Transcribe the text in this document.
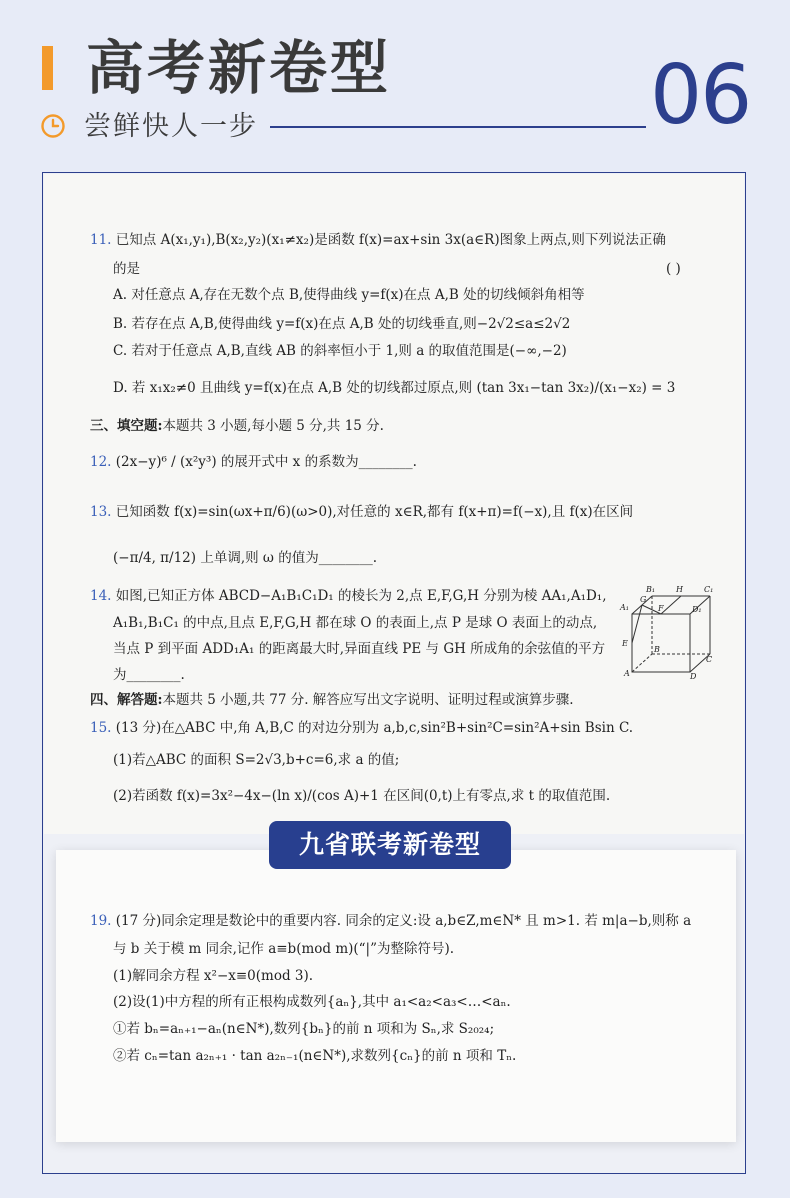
高考新卷型
尝鲜快人一步	06
11. 已知点 A(x₁,y₁),B(x₂,y₂)(x₁≠x₂)是函数 f(x)=ax+sin 3x(a∈R)图象上两点,则下列说法正确
的是	( )
A. 对任意点 A,存在无数个点 B,使得曲线 y=f(x)在点 A,B 处的切线倾斜角相等
B. 若存在点 A,B,使得曲线 y=f(x)在点 A,B 处的切线垂直,则−2√2≤a≤2√2
C. 若对于任意点 A,B,直线 AB 的斜率恒小于 1,则 a 的取值范围是(−∞,−2)
D. 若 x₁x₂≠0 且曲线 y=f(x)在点 A,B 处的切线都过原点,则 (tan 3x₁−tan 3x₂)/(x₁−x₂) = 3
三、填空题:本题共 3 小题,每小题 5 分,共 15 分.
12. (2x−y)⁶ / (x²y³) 的展开式中 x 的系数为________.
13. 已知函数 f(x)=sin(ωx+π/6)(ω>0),对任意的 x∈R,都有 f(x+π)=f(−x),且 f(x)在区间
(−π/4, π/12) 上单调,则 ω 的值为________.
14. 如图,已知正方体 ABCD−A₁B₁C₁D₁ 的棱长为 2,点 E,F,G,H 分别为棱 AA₁,A₁D₁,
A₁B₁,B₁C₁ 的中点,且点 E,F,G,H 都在球 O 的表面上,点 P 是球 O 表面上的动点,
当点 P 到平面 ADD₁A₁ 的距离最大时,异面直线 PE 与 GH 所成角的余弦值的平方
为________.
B₁	H	C₁
A₁
G
F	D₁
E
B
C
A	D
四、解答题:本题共 5 小题,共 77 分. 解答应写出文字说明、证明过程或演算步骤.
15. (13 分)在△ABC 中,角 A,B,C 的对边分别为 a,b,c,sin²B+sin²C=sin²A+sin Bsin C.
(1)若△ABC 的面积 S=2√3,b+c=6,求 a 的值;
(2)若函数 f(x)=3x²−4x−(ln x)/(cos A)+1 在区间(0,t)上有零点,求 t 的取值范围.
九省联考新卷型
19. (17 分)同余定理是数论中的重要内容. 同余的定义:设 a,b∈Z,m∈N* 且 m>1. 若 m|a−b,则称 a
与 b 关于模 m 同余,记作 a≡b(mod m)(“|”为整除符号).
(1)解同余方程 x²−x≡0(mod 3).
(2)设(1)中方程的所有正根构成数列{aₙ},其中 a₁<a₂<a₃<…<aₙ.
①若 bₙ=aₙ₊₁−aₙ(n∈N*),数列{bₙ}的前 n 项和为 Sₙ,求 S₂₀₂₄;
②若 cₙ=tan a₂ₙ₊₁ · tan a₂ₙ₋₁(n∈N*),求数列{cₙ}的前 n 项和 Tₙ.
